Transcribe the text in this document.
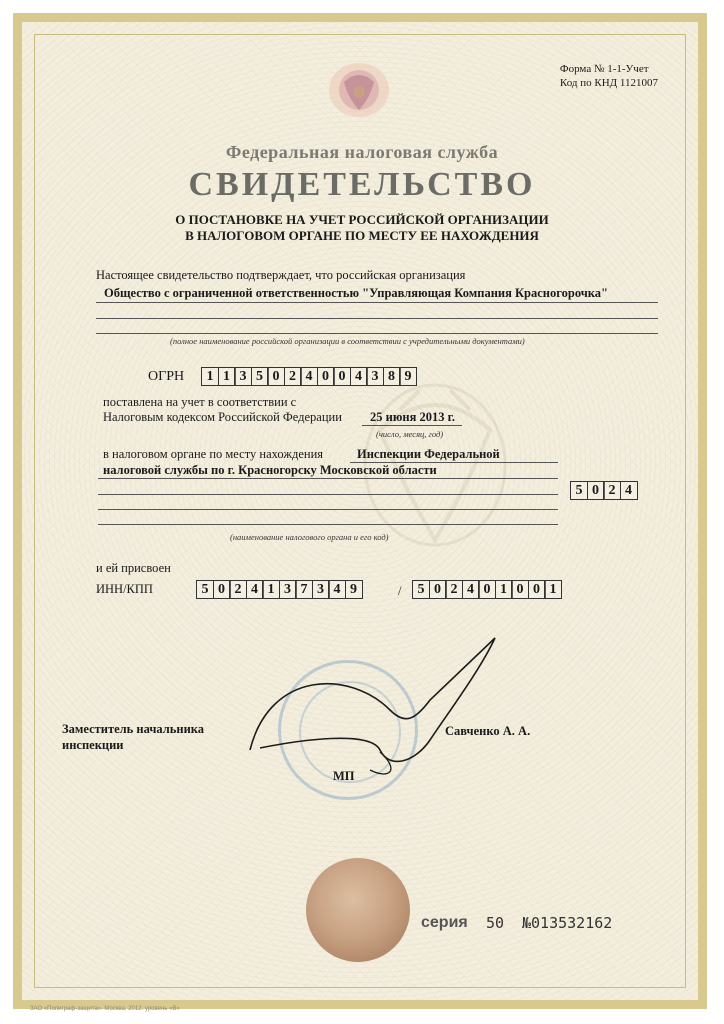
Форма № 1-1-Учет
Код по КНД 1121007
Федеральная налоговая служба
СВИДЕТЕЛЬСТВО
О ПОСТАНОВКЕ НА УЧЕТ РОССИЙСКОЙ ОРГАНИЗАЦИИ
В НАЛОГОВОМ ОРГАНЕ ПО МЕСТУ ЕЕ НАХОЖДЕНИЯ
Настоящее свидетельство подтверждает, что российская организация
Общество с ограниченной ответственностью "Управляющая Компания Красногорочка"
(полное наименование российской организации в соответствии с учредительными документами)
ОГРН	1 1 3 5 0 2 4 0 0 4 3 8 9
поставлена на учет в соответствии с
Налоговым кодексом Российской Федерации 25 июня 2013 г.
(число, месяц, год)
в налоговом органе по месту нахождения	Инспекции Федеральной
налоговой службы по г. Красногорску Московской области
5 0 2 4
(наименование налогового органа и его код)
и ей присвоен
ИНН/КПП	5 0 2 4 1 3 7 3 4 9	/	5 0 2 4 0 1 0 0 1
Заместитель начальника
инспекции
Савченко А. А.
МП
серия 50 №013532162
ЗАО «Полиграф-защита». Москва. 2012. уровень «В»
